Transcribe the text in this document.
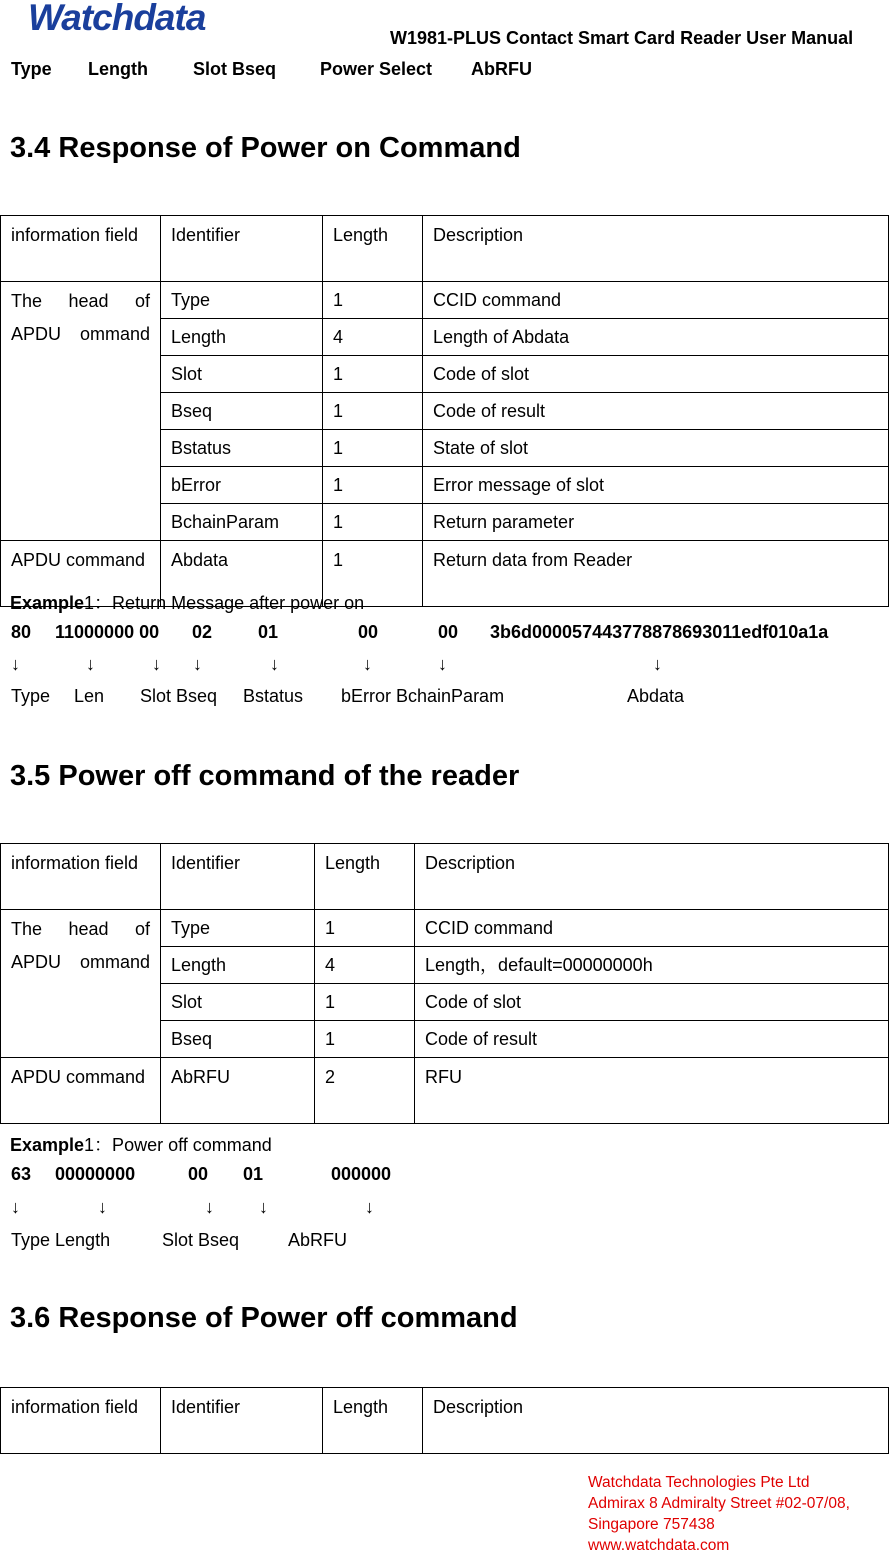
Watchdata	W1981-PLUS Contact Smart Card Reader User Manual
Type Length	Slot Bseq Power Select AbRFU
3.4 Response of Power on Command
information field	Identifier	Length	Description
The head of APDU ommand	Type	1	CCID command
	Length	4	Length of Abdata
	Slot	1	Code of slot
	Bseq	1	Code of result
	Bstatus	1	State of slot
	bError	1	Error message of slot
	BchainParam	1	Return parameter
APDU command	Abdata	1	Return data from Reader
Example1：Return Message after power on
80 11000000 00 02	01	00	00 3b6d000057443778878693011edf010a1a
↓	↓	↓ ↓	↓	↓	↓	↓
Type Len Slot Bseq Bstatus bError BchainParam	Abdata
3.5 Power off command of the reader
information field	Identifier	Length	Description
The head of APDU ommand	Type	1	CCID command
	Length	4	Length，default=00000000h
	Slot	1	Code of slot
	Bseq	1	Code of result
APDU command	AbRFU	2	RFU
Example1：Power off command
63 00000000	00 01	000000
↓	↓	↓	↓	↓
Type Length	Slot Bseq	AbRFU
3.6 Response of Power off command
information field	Identifier	Length	Description
Watchdata Technologies Pte Ltd
Admirax 8 Admiralty Street #02-07/08,
Singapore 757438
www.watchdata.com
